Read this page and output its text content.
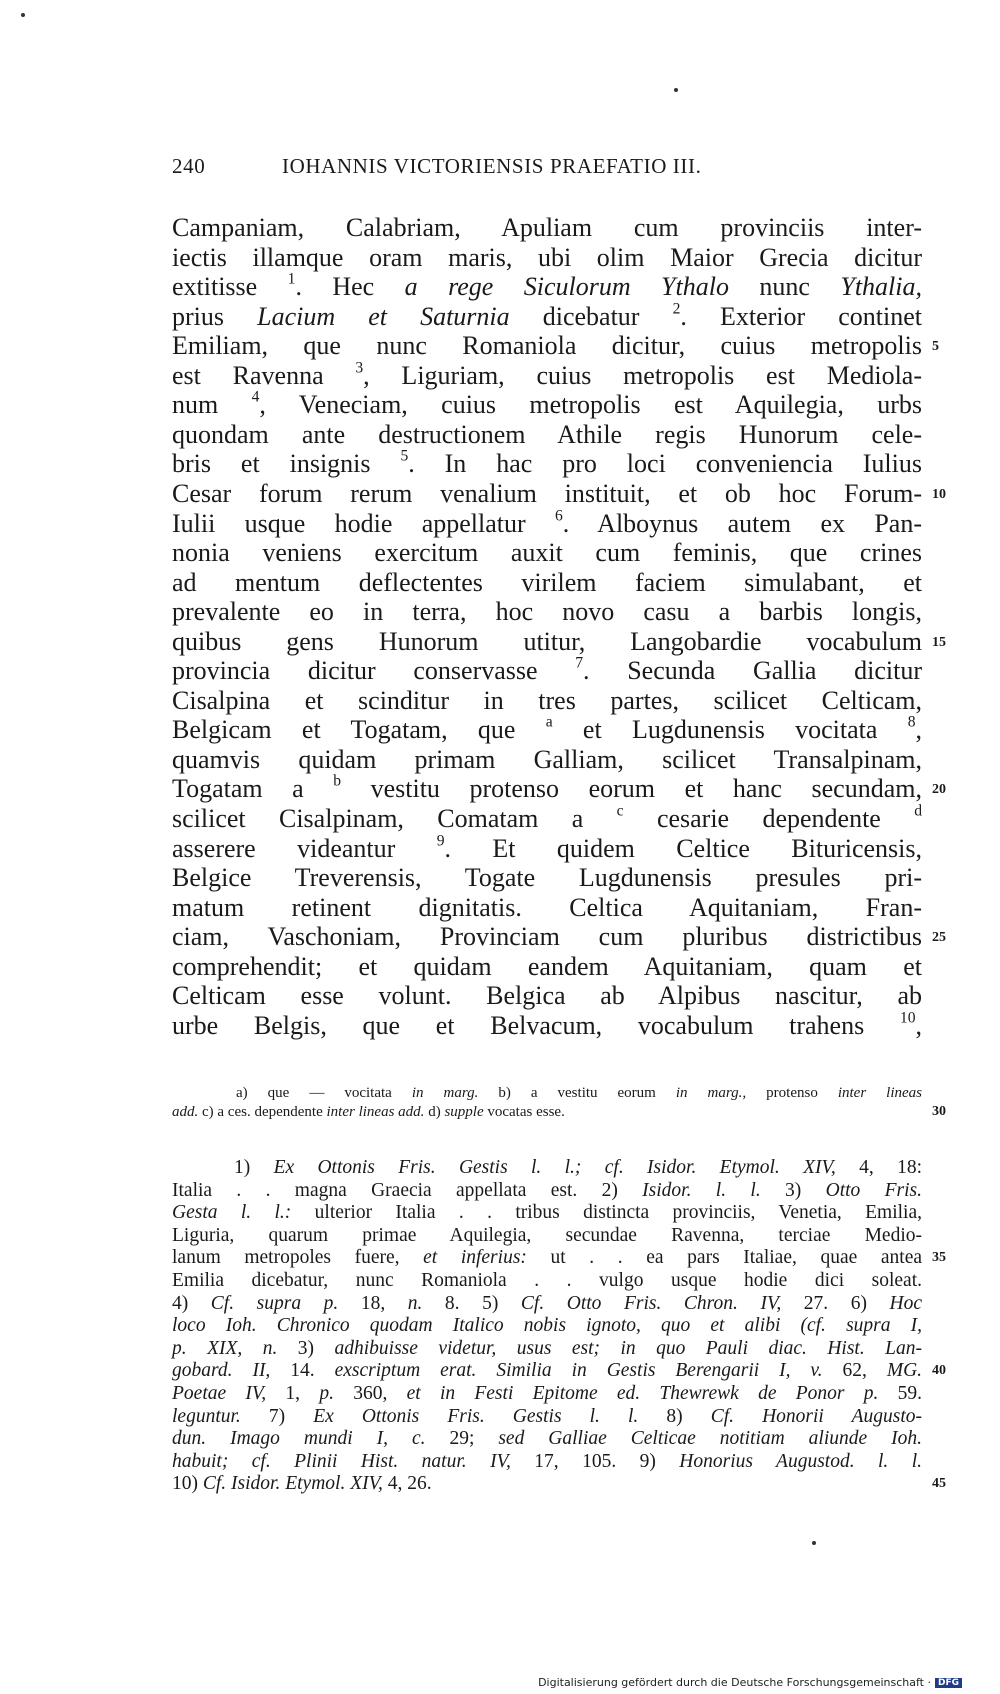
240	IOHANNIS VICTORIENSIS PRAEFATIO III.
Campaniam, Calabriam, Apuliam cum provinciis inter-
iectis illamque oram maris, ubi olim Maior Grecia dicitur
extitisse $^1$. Hec a rege Siculorum Ythalo nunc Ythalia,
prius Lacium et Saturnia dicebatur $^2$. Exterior continet
Emiliam, que nunc Romaniola dicitur, cuius metropolis
est Ravenna $^3$, Liguriam, cuius metropolis est Mediola-
num $^4$, Veneciam, cuius metropolis est Aquilegia, urbs
quondam ante destructionem Athile regis Hunorum cele-
bris et insignis $^5$. In hac pro loci conveniencia Iulius
Cesar forum rerum venalium instituit, et ob hoc Forum-
Iulii usque hodie appellatur $^6$. Alboynus autem ex Pan-
nonia veniens exercitum auxit cum feminis, que crines
ad mentum deflectentes virilem faciem simulabant, et
prevalente eo in terra, hoc novo casu a barbis longis,
quibus gens Hunorum utitur, Langobardie vocabulum
provincia dicitur conservasse $^7$. Secunda Gallia dicitur
Cisalpina et scinditur in tres partes, scilicet Celticam,
Belgicam et Togatam, que $^a$ et Lugdunensis vocitata $^8$,
quamvis quidam primam Galliam, scilicet Transalpinam,
Togatam a $^b$ vestitu protenso eorum et hanc secundam,
scilicet Cisalpinam, Comatam a $^c$ cesarie dependente $^d$
asserere videantur $^9$. Et quidem Celtice Bituricensis,
Belgice Treverensis, Togate Lugdunensis presules pri-
matum retinent dignitatis. Celtica Aquitaniam, Fran-
ciam, Vaschoniam, Provinciam cum pluribus districtibus
comprehendit; et quidam eandem Aquitaniam, quam et
Celticam esse volunt. Belgica ab Alpibus nascitur, ab
urbe Belgis, que et Belvacum, vocabulum trahens $^{10}$,
a) que — vocitata in marg. b) a vestitu eorum in marg., protenso inter lineas
add. c) a ces. dependente inter lineas add. d) supple vocatas esse.
1) Ex Ottonis Fris. Gestis l. l.; cf. Isidor. Etymol. XIV, 4, 18:
Italia . . magna Graecia appellata est. 2) Isidor. l. l. 3) Otto Fris.
Gesta l. l.: ulterior Italia . . tribus distincta provinciis, Venetia, Emilia,
Liguria, quarum primae Aquilegia, secundae Ravenna, terciae Medio-
lanum metropoles fuere, et inferius: ut . . ea pars Italiae, quae antea
Emilia dicebatur, nunc Romaniola . . vulgo usque hodie dici soleat.
4) Cf. supra p. 18, n. 8. 5) Cf. Otto Fris. Chron. IV, 27. 6) Hoc
loco Ioh. Chronico quodam Italico nobis ignoto, quo et alibi (cf. supra I,
p. XIX, n. 3) adhibuisse videtur, usus est; in quo Pauli diac. Hist. Lan-
gobard. II, 14. exscriptum erat. Similia in Gestis Berengarii I, v. 62, MG.
Poetae IV, 1, p. 360, et in Festi Epitome ed. Thewrewk de Ponor p. 59.
leguntur. 7) Ex Ottonis Fris. Gestis l. l. 8) Cf. Honorii Augusto-
dun. Imago mundi I, c. 29; sed Galliae Celticae notitiam aliunde Ioh.
habuit; cf. Plinii Hist. natur. IV, 17, 105. 9) Honorius Augustod. l. l.
10) Cf. Isidor. Etymol. XIV, 4, 26.
5
10
15
20
25
30
35
40
45
Digitalisierung gefördert durch die Deutsche Forschungsgemeinschaft · DFG
